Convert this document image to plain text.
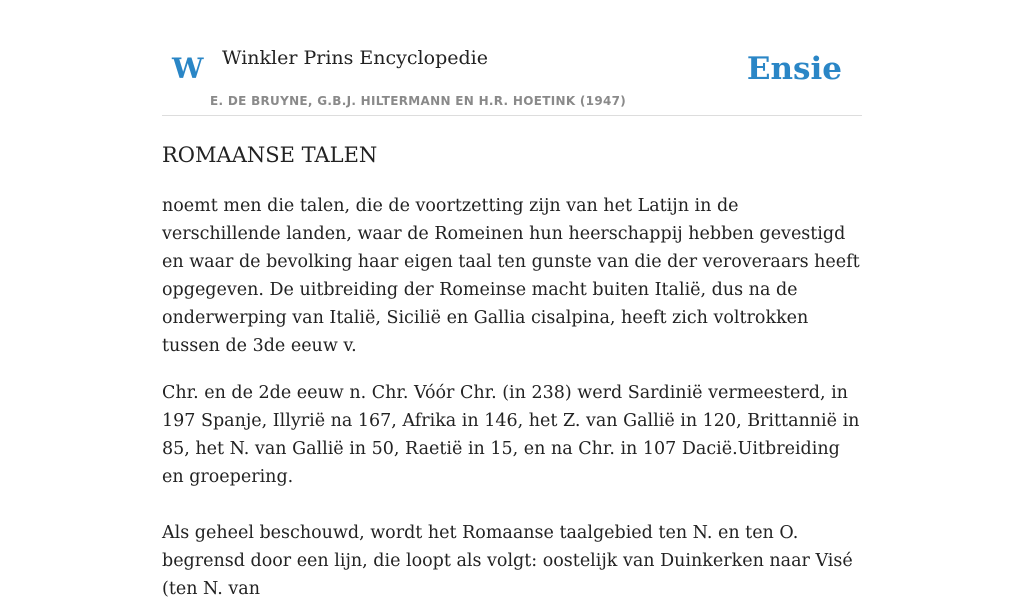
W Winkler Prins Encyclopedie
E. DE BRUYNE, G.B.J. HILTERMANN EN H.R. HOETINK (1947)
Ensie
ROMAANSE TALEN

noemt men die talen, die de voortzetting zijn van het Latijn in de verschillende landen, waar de Romeinen hun heerschappij hebben gevestigd en waar de bevolking haar eigen taal ten gunste van die der veroveraars heeft opgegeven. De uitbreiding der Romeinse macht buiten Italië, dus na de onderwerping van Italië, Sicilië en Gallia cisalpina, heeft zich voltrokken tussen de 3de eeuw v.

Chr. en de 2de eeuw n. Chr. Vóór Chr. (in 238) werd Sardinië vermeesterd, in 197 Spanje, Illyrië na 167, Afrika in 146, het Z. van Gallië in 120, Brittannië in 85, het N. van Gallië in 50, Raetië in 15, en na Chr. in 107 Dacië.Uitbreiding en groepering.

Als geheel beschouwd, wordt het Romaanse taalgebied ten N. en ten O. begrensd door een lijn, die loopt als volgt: oostelijk van Duinkerken naar Visé (ten N. van
